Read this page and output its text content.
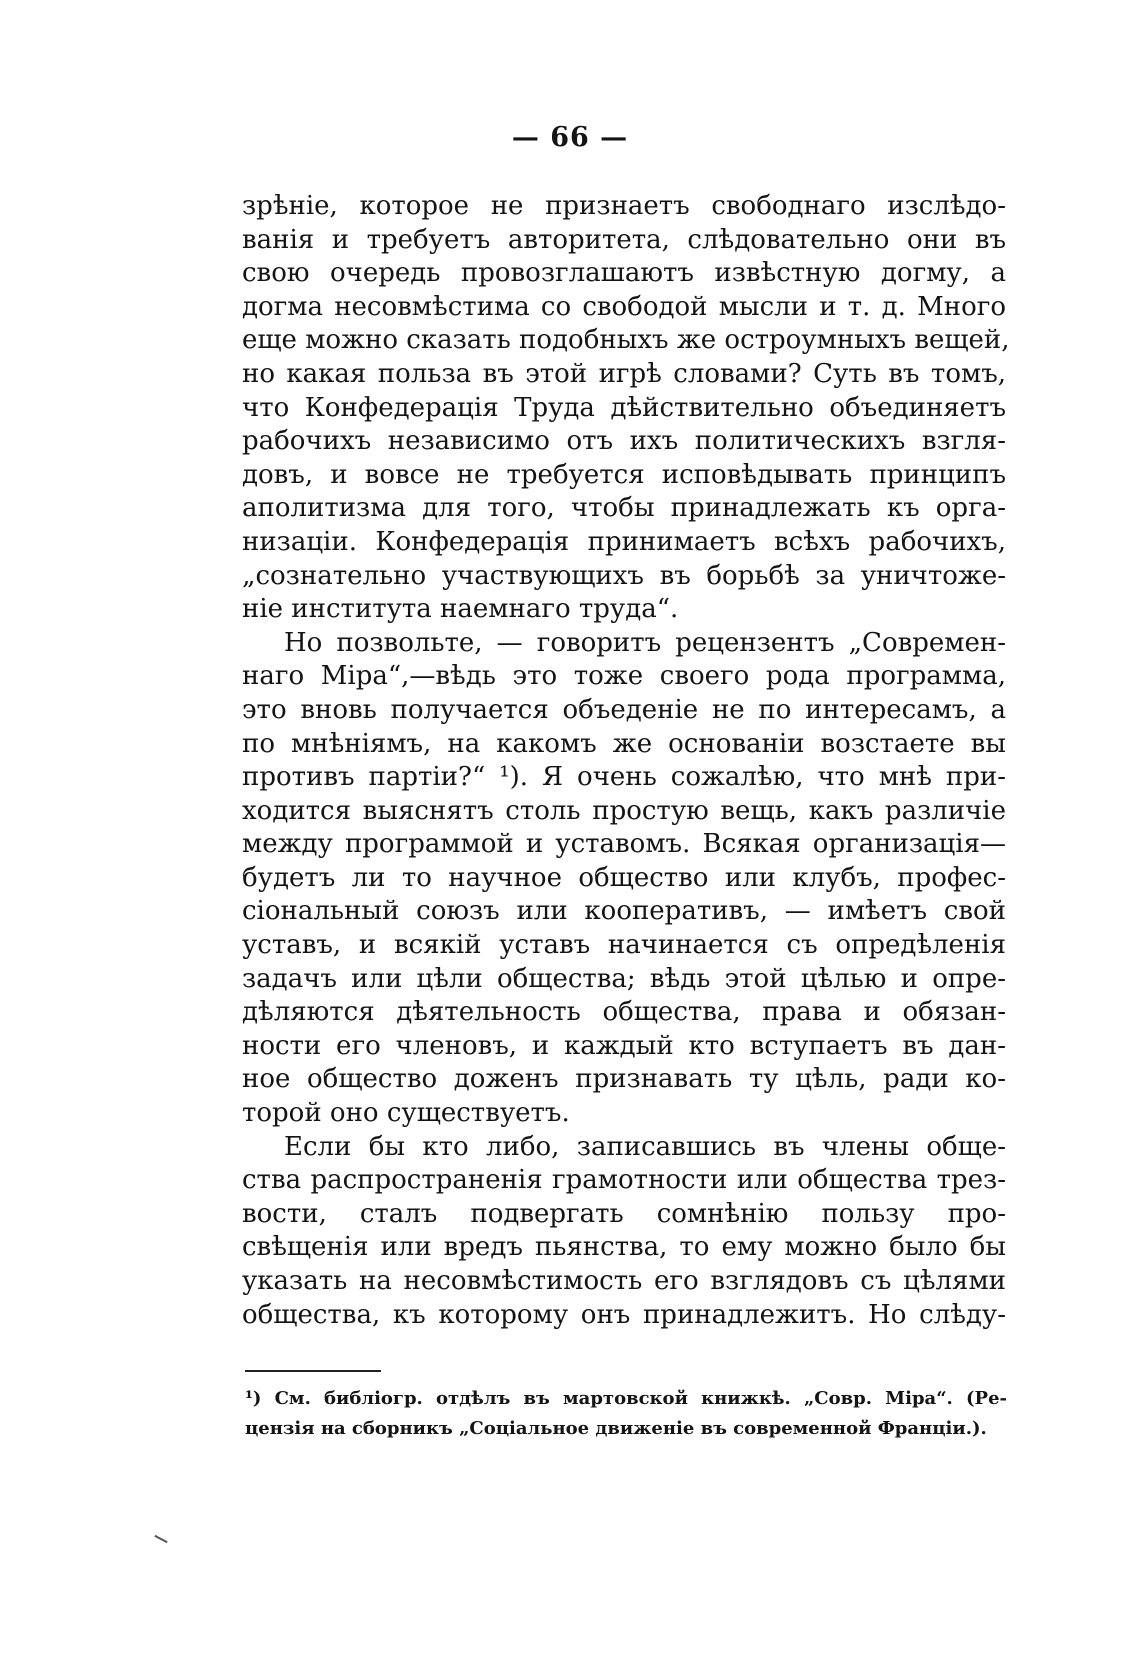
— 66 —
зрѣніе, которое не признаетъ свободнаго изслѣдо-
ванія и требуетъ авторитета, слѣдовательно они въ
свою очередь провозглашаютъ извѣстную догму, а
догма несовмѣстима со свободой мысли и т. д. Много
еще можно сказать подобныхъ же остроумныхъ вещей,
но какая польза въ этой игрѣ словами? Суть въ томъ,
что Конфедерація Труда дѣйствительно объединяетъ
рабочихъ независимо отъ ихъ политическихъ взгля-
довъ, и вовсе не требуется исповѣдывать принципъ
аполитизма для того, чтобы принадлежать къ орга-
низаціи. Конфедерація принимаетъ всѣхъ рабочихъ,
„сознательно участвующихъ въ борьбѣ за уничтоже-
ніе института наемнаго труда“.
Но позвольте, — говоритъ рецензентъ „Современ-
наго Міра“,—вѣдь это тоже своего рода программа,
это вновь получается объеденіе не по интересамъ, а
по мнѣніямъ, на какомъ же основаніи возстаете вы
противъ партіи?“ ¹). Я очень сожалѣю, что мнѣ при-
ходится выяснятъ столь простую вещь, какъ различіе
между программой и уставомъ. Всякая организація—
будетъ ли то научное общество или клубъ, профес-
сіональный союзъ или кооперативъ, — имѣетъ свой
уставъ, и всякій уставъ начинается съ опредѣленія
задачъ или цѣли общества; вѣдь этой цѣлью и опре-
дѣляются дѣятельность общества, права и обязан-
ности его членовъ, и каждый кто вступаетъ въ дан-
ное общество доженъ признавать ту цѣль, ради ко-
торой оно существуетъ.
Если бы кто либо, записавшись въ члены обще-
ства распространенія грамотности или общества трез-
вости, сталъ подвергать сомнѣнію пользу про-
свѣщенія или вредъ пьянства, то ему можно было бы
указать на несовмѣстимость его взглядовъ съ цѣлями
общества, къ которому онъ принадлежитъ. Но слѣду-
¹) См. библіогр. отдѣлъ въ мартовской книжкѣ. „Совр. Міра“. (Ре-
цензія на сборникъ „Соціальное движеніе въ современной Франціи.).
